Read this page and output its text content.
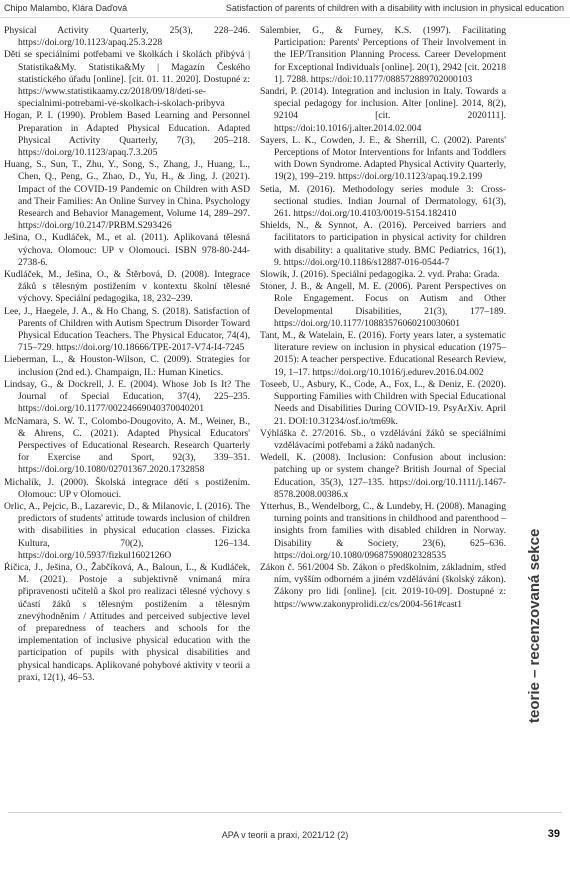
Chipo Malambo, Klára Daďová	Satisfaction of parents of children with a disability with inclusion in physical education

Physical Activity Quarterly, 25(3), 228–246. https://doi.org/10.1123/apaq.25.3.228

Děti se speciálními potřebami ve školkách i školách přibývá | Statistika&My. Statistika&My | Magazín Českého statistického úřadu [online]. [cit. 01. 11. 2020]. Dostupné z: https://www.statistikaamy.cz/2018/09/18/deti-se-specialnimi-potrebami-ve-skolkach-i-skolach-pribyva

Hogan, P. I. (1990). Problem Based Learning and Personnel Preparation in Adapted Physical Education. Adapted Physical Activity Quarterly, 7(3), 205–218. https://doi.org/10.1123/apaq.7.3.205

Huang, S., Sun, T., Zhu, Y., Song, S., Zhang, J., Huang, L., Chen, Q., Peng, G., Zhao, D., Yu, H., & Jing, J. (2021). Impact of the COVID-19 Pandemic on Children with ASD and Their Families: An Online Survey in China. Psychology Research and Behavior Management, Volume 14, 289–297. https://doi.org/10.2147/PRBM.S293426

Ješina, O., Kudláček, M., et al. (2011). Aplikovaná tělesná výchova. Olomouc: UP v Olomouci. ISBN 978-80-244-2738-6.

Kudláček, M., Ješina, O., & Štěrbová, D. (2008). Integrace žáků s tělesným postižením v kontextu školní tělesné výchovy. Speciální pedagogika, 18, 232–239.

Lee, J., Haegele, J. A., & Ho Chang, S. (2018). Satisfaction of Parents of Children with Autism Spectrum Disorder Toward Physical Education Teachers. The Physical Educator, 74(4), 715–729. https://doi.org/10.18666/TPE-2017-V74-I4-7245

Lieberman, L., & Houston-Wilson, C. (2009). Strategies for inclusion (2nd ed.). Champaign, IL: Human Kinetics.

Lindsay, G., & Dockrell, J. E. (2004). Whose Job Is It? The Journal of Special Education, 37(4), 225–235. https://doi.org/10.1177/00224669040370040201

McNamara, S. W. T., Colombo-Dougovito, A. M., Weiner, B., & Ahrens, C. (2021). Adapted Physical Educators' Perspectives of Educational Research. Research Quarterly for Exercise and Sport, 92(3), 339–351. https://doi.org/10.1080/02701367.2020.1732858

Michalík, J. (2000). Školská integrace dětí s postižením. Olomouc: UP v Olomouci.

Orlic, A., Pejcic, B., Lazarevic, D., & Milanovic, I. (2016). The predictors of students' attitude towards inclusion of children with disabilities in physical education classes. Fizicka Kultura, 70(2), 126–134. https://doi.org/10.5937/fizkul1602126O

Ŕičica, J., Ješina, O., Žabčíková, A., Baloun, L., & Kudláček, M. (2021). Postoje a subjektivně vnímaná míra připravenosti učitelů a škol pro realizaci tělesné výchovy s účastí žáků s tělesným postižením a tělesným znevýhodněním / Attitudes and perceived subjective level of preparedness of teachers and schools for the implementation of inclusive physical education with the participation of pupils with physical disabilities and physical handicaps. Aplikované pohybové aktivity v teorii a praxi, 12(1), 46–53.

Salembier, G., & Furney, K.S. (1997). Facilitating Participation: Parents' Perceptions of Their Involvement in the IEP/Transition Planning Process. Career Development for Exceptional Individuals [online]. 20(1), 2942 [cit. 20218 1]. 7288. https://doi:10.1177/088572889702000103

Sandri, P. (2014). Integration and inclusion in Italy. Towards a special pedagogy for inclusion. Alter [online]. 2014, 8(2), 92104 [cit. 2020111]. https://doi:10.1016/j.alter.2014.02.004

Sayers, L. K., Cowden, J. E., & Sherrill, C. (2002). Parents' Perceptions of Motor Interventions for Infants and Toddlers with Down Syndrome. Adapted Physical Activity Quarterly, 19(2), 199–219. https://doi.org/10.1123/apaq.19.2.199

Setia, M. (2016). Methodology series module 3: Cross-sectional studies. Indian Journal of Dermatology, 61(3), 261. https://doi.org/10.4103/0019-5154.182410

Shields, N., & Synnot, A. (2016). Perceived barriers and facilitators to participation in physical activity for children with disability: a qualitative study. BMC Pediatrics, 16(1), 9. https://doi.org/10.1186/s12887-016-0544-7

Slowík, J. (2016). Speciální pedagogika. 2. vyd. Praha: Grada.

Stoner, J. B., & Angell, M. E. (2006). Parent Perspectives on Role Engagement. Focus on Autism and Other Developmental Disabilities, 21(3), 177–189. https://doi.org/10.1177/10883576060210030601

Tant, M., & Watelain, E. (2016). Forty years later, a systematic literature review on inclusion in physical education (1975–2015): A teacher perspective. Educational Research Review, 19, 1–17. https://doi.org/10.1016/j.edurev.2016.04.002

Toseeb, U., Asbury, K., Code, A., Fox, L., & Deniz, E. (2020). Supporting Families with Children with Special Educational Needs and Disabilities During COVID-19. PsyArXiv. April 21. DOI:10.31234/osf.io/tm69k.

Výhláška č. 27/2016. Sb., o vzdělávání žáků se speciálními vzdělávacími potřebami a žáků nadaných.

Wedell, K. (2008). Inclusion: Confusion about inclusion: patching up or system change? British Journal of Special Education, 35(3), 127–135. https://doi.org/10.1111/j.1467-8578.2008.00386.x

Ytterhus, B., Wendelborg, C., & Lundeby, H. (2008). Managing turning points and transitions in childhood and parenthood – insights from families with disabled children in Norway. Disability & Society, 23(6), 625–636. https://doi.org/10.1080/09687590802328535

Zákon č. 561/2004 Sb. Zákon o předškolním, základním, střed ním, vyšším odborném a jiném vzdělávání (školský zákon). Zákony pro lidi [online]. [cit. 2019-10-09]. Dostupné z: https://www.zakonyprolidi.cz/cs/2004-561#cast1	teorie – recenzovaná sekce
APA v teorii a praxi, 2021/12 (2)	39
